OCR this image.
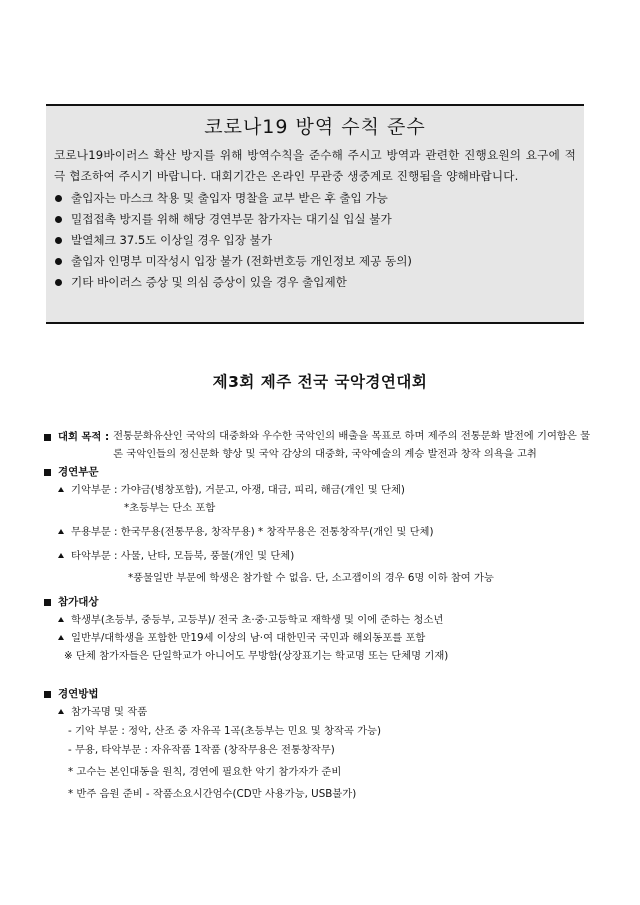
코로나19 방역 수칙 준수
코로나19바이러스 확산 방지를 위해 방역수칙을 준수해 주시고 방역과 관련한 진행요원의 요구에 적극 협조하여 주시기 바랍니다. 대회기간은 온라인 무관중 생중계로 진행됨을 양해바랍니다.
출입자는 마스크 착용 및 출입자 명찰을 교부 받은 후 출입 가능
밀접접촉 방지를 위해 해당 경연부문 참가자는 대기실 입실 불가
발열체크 37.5도 이상일 경우 입장 불가
출입자 인명부 미작성시 입장 불가 (전화번호등 개인정보 제공 동의)
기타 바이러스 증상 및 의심 증상이 있을 경우 출입제한
제3회 제주 전국 국악경연대회
대회 목적 : 전통문화유산인 국악의 대중화와 우수한 국악인의 배출을 목표로 하며 제주의 전통문화 발전에 기여함은 물론 국악인들의 정신문화 향상 및 국악 감상의 대중화, 국악예술의 계승 발전과 창작 의욕을 고취
경연부문
기악부문 : 가야금(병창포함), 거문고, 아쟁, 대금, 피리, 해금(개인 및 단체)
*초등부는 단소 포함
무용부문 : 한국무용(전통무용, 창작무용) * 창작무용은 전통창작무(개인 및 단체)
타악부문 : 사물, 난타, 모듬북, 풍물(개인 및 단체)
*풍물일반 부문에 학생은 참가할 수 없음. 단, 소고잽이의 경우 6명 이하 참여 가능
참가대상
학생부(초등부, 중등부, 고등부)/ 전국 초·중·고등학교 재학생 및 이에 준하는 청소년
일반부/대학생을 포함한 만19세 이상의 남·여 대한민국 국민과 해외동포를 포함
※ 단체 참가자들은 단일학교가 아니어도 무방함(상장표기는 학교명 또는 단체명 기재)
경연방법
참가곡명 및 작품
- 기악 부문 : 정악, 산조 중 자유곡 1곡(초등부는 민요 및 창작곡 가능)
- 무용, 타악부문 : 자유작품 1작품 (창작무용은 전통창작무)
* 고수는 본인대동을 원칙, 경연에 필요한 악기 참가자가 준비
* 반주 음원 준비 - 작품소요시간엄수(CD만 사용가능, USB불가)
